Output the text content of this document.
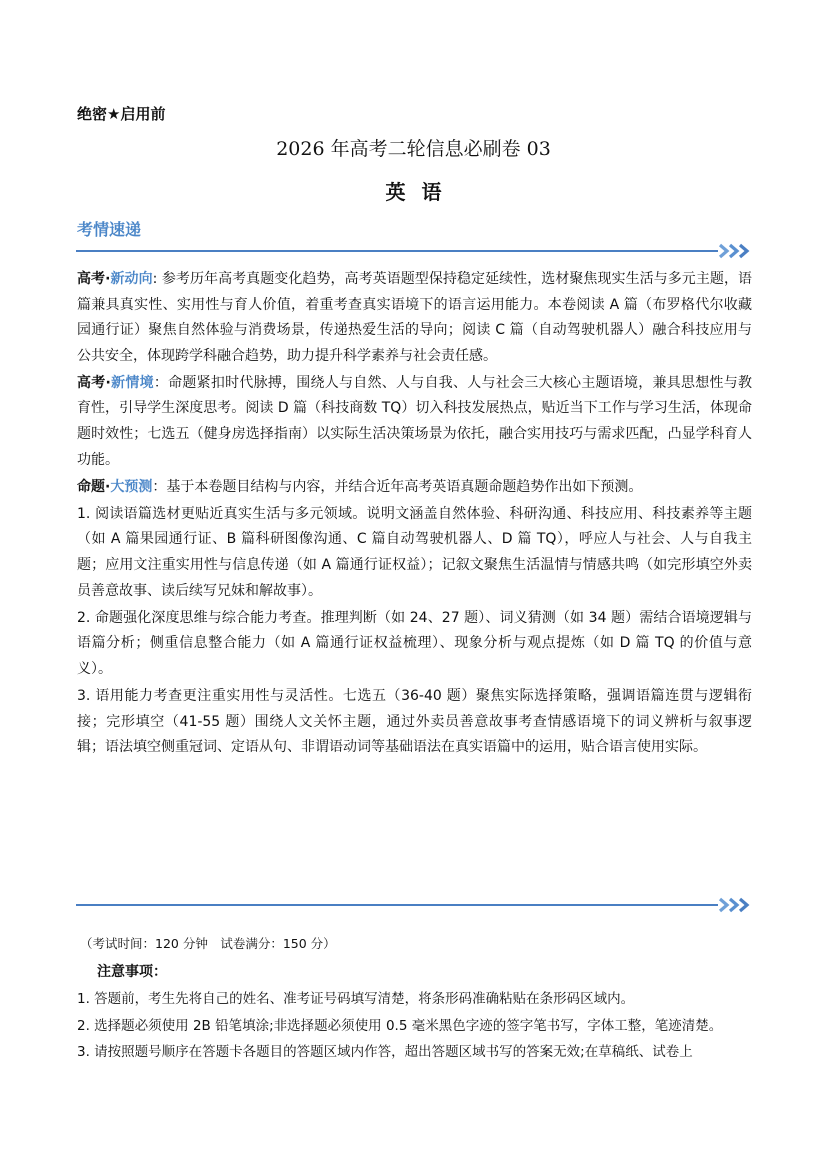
绝密★启用前
2026 年高考二轮信息必刷卷 03
英语
考情速递

高考·新动向: 参考历年高考真题变化趋势，高考英语题型保持稳定延续性，选材聚焦现实生活与多元主题，语篇兼具真实性、实用性与育人价值，着重考查真实语境下的语言运用能力。本卷阅读 A 篇（布罗格代尔收藏园通行证）聚焦自然体验与消费场景，传递热爱生活的导向；阅读 C 篇（自动驾驶机器人）融合科技应用与公共安全，体现跨学科融合趋势，助力提升科学素养与社会责任感。

高考·新情境：命题紧扣时代脉搏，围绕人与自然、人与自我、人与社会三大核心主题语境，兼具思想性与教育性，引导学生深度思考。阅读 D 篇（科技商数 TQ）切入科技发展热点，贴近当下工作与学习生活，体现命题时效性；七选五（健身房选择指南）以实际生活决策场景为依托，融合实用技巧与需求匹配，凸显学科育人功能。

命题·大预测：基于本卷题目结构与内容，并结合近年高考英语真题命题趋势作出如下预测。

1. 阅读语篇选材更贴近真实生活与多元领域。说明文涵盖自然体验、科研沟通、科技应用、科技素养等主题（如 A 篇果园通行证、B 篇科研图像沟通、C 篇自动驾驶机器人、D 篇 TQ），呼应人与社会、人与自我主题；应用文注重实用性与信息传递（如 A 篇通行证权益）；记叙文聚焦生活温情与情感共鸣（如完形填空外卖员善意故事、读后续写兄妹和解故事）。

2. 命题强化深度思维与综合能力考查。推理判断（如 24、27 题）、词义猜测（如 34 题）需结合语境逻辑与语篇分析；侧重信息整合能力（如 A 篇通行证权益梳理）、现象分析与观点提炼（如 D 篇 TQ 的价值与意义）。

3. 语用能力考查更注重实用性与灵活性。七选五（36-40 题）聚焦实际选择策略，强调语篇连贯与逻辑衔接；完形填空（41-55 题）围绕人文关怀主题，通过外卖员善意故事考查情感语境下的词义辨析与叙事逻辑；语法填空侧重冠词、定语从句、非谓语动词等基础语法在真实语篇中的运用，贴合语言使用实际。

（考试时间：120 分钟　试卷满分：150 分）
注意事项：
1. 答题前，考生先将自己的姓名、准考证号码填写清楚，将条形码准确粘贴在条形码区域内。
2. 选择题必须使用 2B 铅笔填涂;非选择题必须使用 0.5 毫米黑色字迹的签字笔书写，字体工整，笔迹清楚。
3. 请按照题号顺序在答题卡各题目的答题区域内作答，超出答题区域书写的答案无效;在草稿纸、试卷上
